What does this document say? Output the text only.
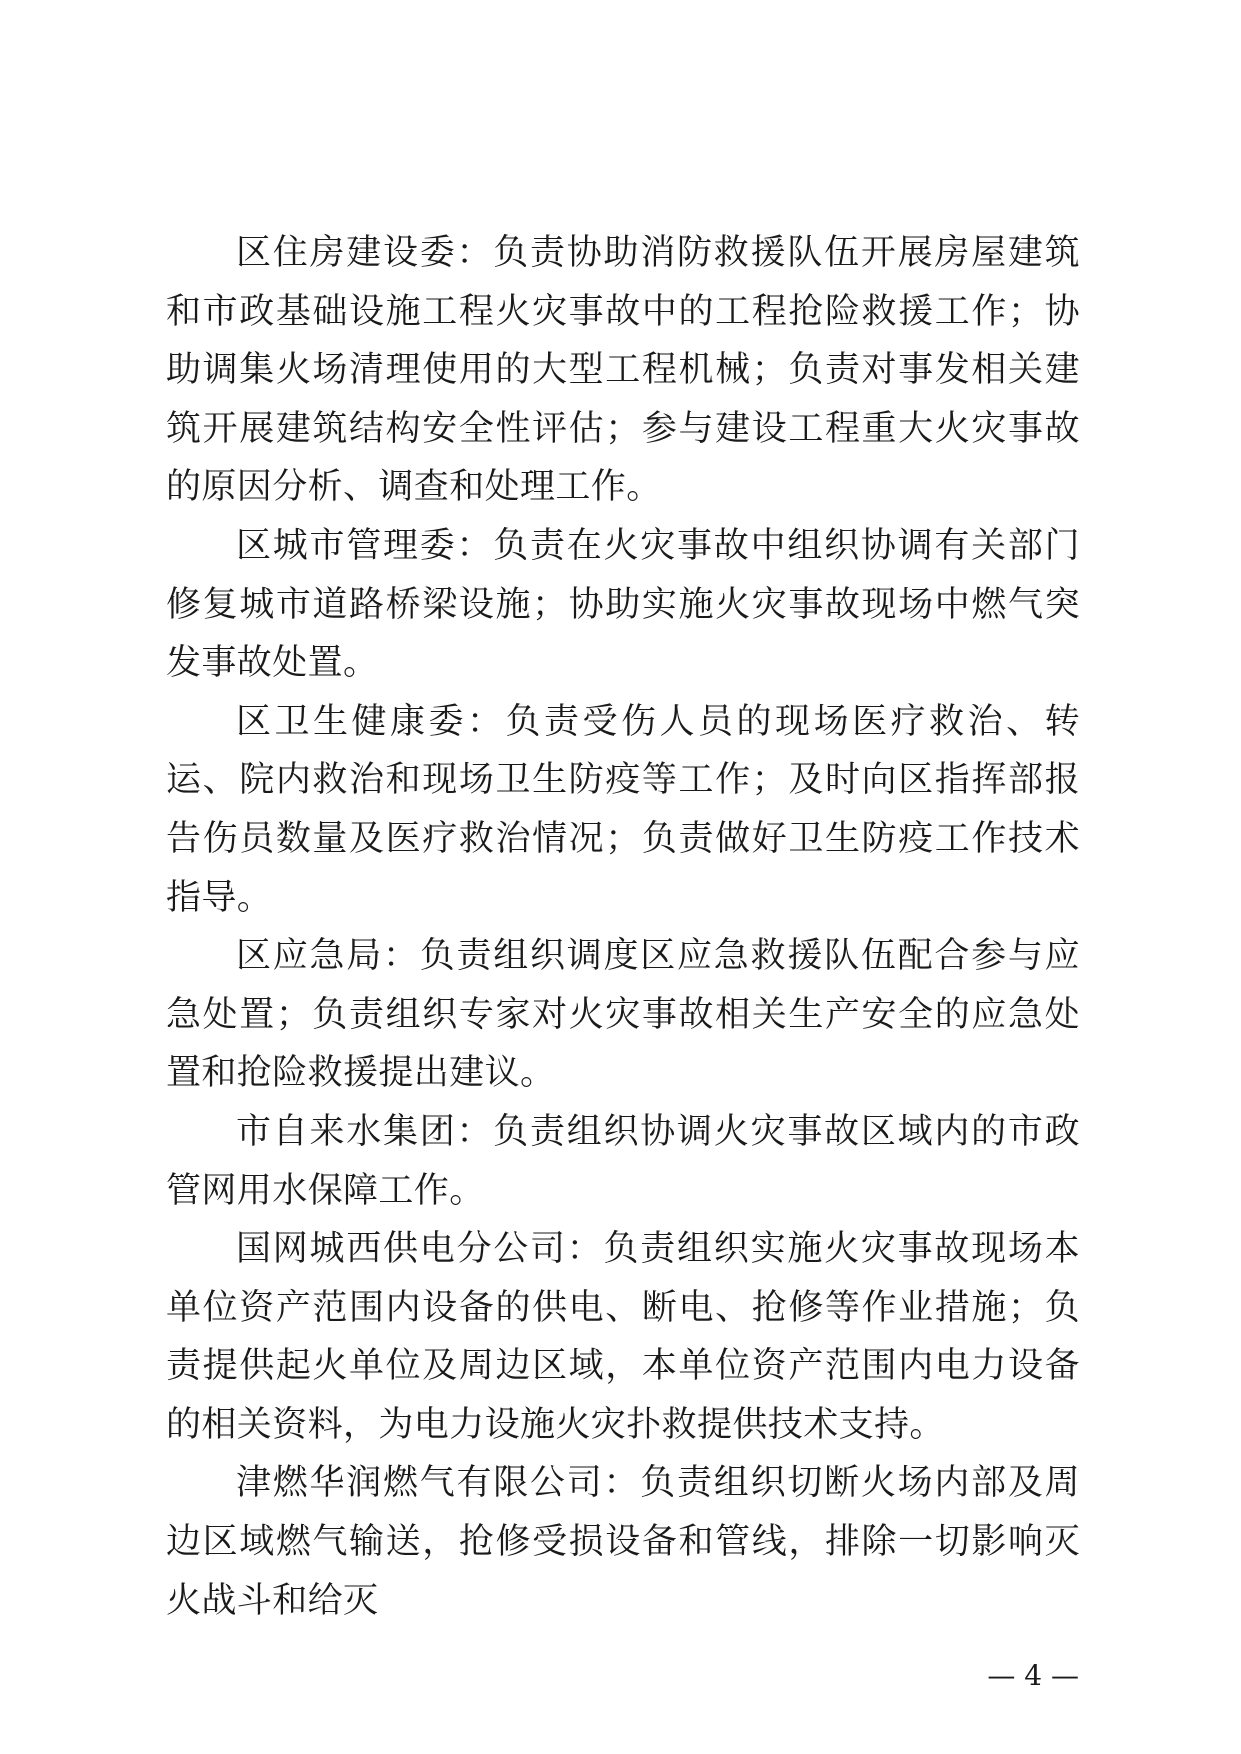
区住房建设委：负责协助消防救援队伍开展房屋建筑和市政基础设施工程火灾事故中的工程抢险救援工作；协助调集火场清理使用的大型工程机械；负责对事发相关建筑开展建筑结构安全性评估；参与建设工程重大火灾事故的原因分析、调查和处理工作。

区城市管理委：负责在火灾事故中组织协调有关部门修复城市道路桥梁设施；协助实施火灾事故现场中燃气突发事故处置。

区卫生健康委：负责受伤人员的现场医疗救治、转运、院内救治和现场卫生防疫等工作；及时向区指挥部报告伤员数量及医疗救治情况；负责做好卫生防疫工作技术指导。

区应急局：负责组织调度区应急救援队伍配合参与应急处置；负责组织专家对火灾事故相关生产安全的应急处置和抢险救援提出建议。

市自来水集团：负责组织协调火灾事故区域内的市政管网用水保障工作。

国网城西供电分公司：负责组织实施火灾事故现场本单位资产范围内设备的供电、断电、抢修等作业措施；负责提供起火单位及周边区域，本单位资产范围内电力设备的相关资料，为电力设施火灾扑救提供技术支持。

津燃华润燃气有限公司：负责组织切断火场内部及周边区域燃气输送，抢修受损设备和管线，排除一切影响灭火战斗和给灭

— 4 —
